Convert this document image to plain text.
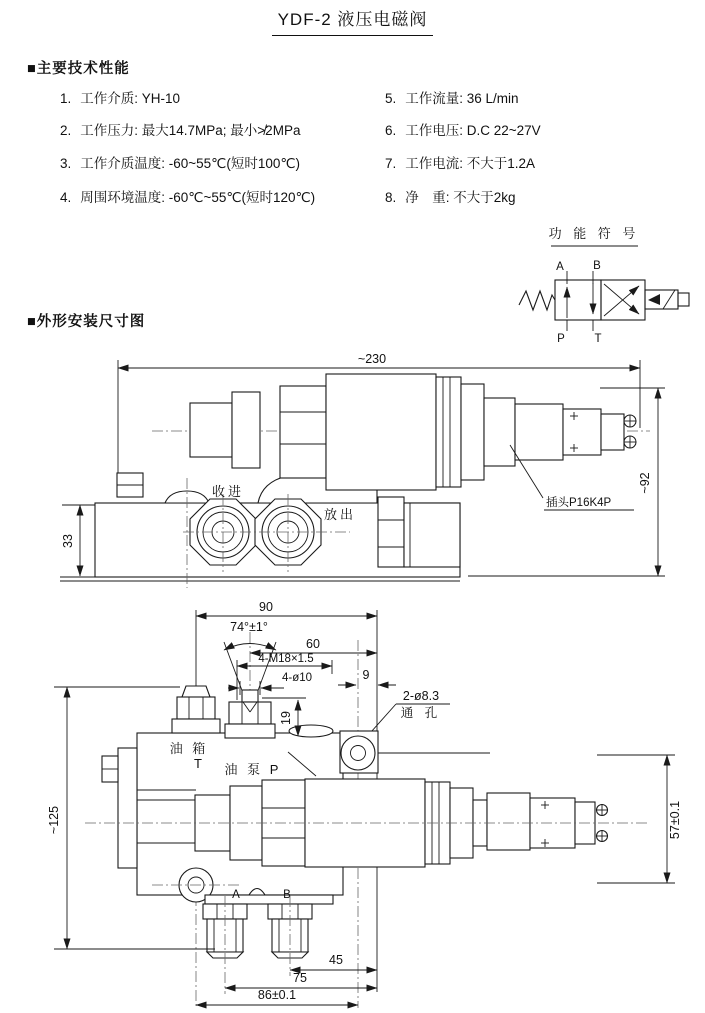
YDF-2 液压电磁阀
■主要技术性能
1. 工作介质: YH-10
2. 工作压力: 最大14.7MPa; 最小≯2MPa
3. 工作介质温度: -60~55℃(短时100℃)
4. 周围环境温度: -60℃~55℃(短时120℃)
5. 工作流量: 36 L/min
6. 工作电压: D.C 22~27V
7. 工作电流: 不大于1.2A
8. 净　重: 不大于2kg
■外形安装尺寸图
功 能 符 号
A	B
P	T
~230
~92
33
收进
放出
插头P16K4P
90
74°±1°
60
4-M18×1.5
4-ø10	9
2-ø8.3
通 孔
19
油 箱
T 油 泵 P
A	B
45
75
86±0.1
~125	57±0.1
